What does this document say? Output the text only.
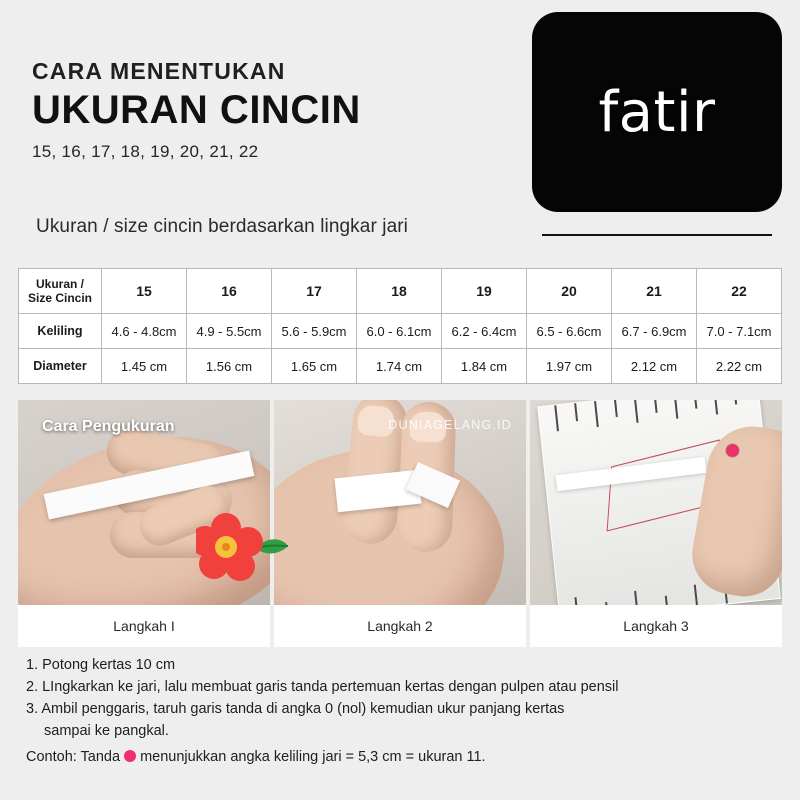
CARA MENENTUKAN
UKURAN CINCIN
15, 16, 17, 18, 19, 20, 21, 22
Ukuran / size cincin berdasarkan lingkar jari
fatir
Ukuran /
Size Cincin	15	16	17	18	19	20	21	22
Keliling	4.6 - 4.8cm	4.9 - 5.5cm	5.6 - 5.9cm	6.0 - 6.1cm	6.2 - 6.4cm	6.5 - 6.6cm	6.7 - 6.9cm	7.0 - 7.1cm
Diameter	1.45 cm	1.56 cm	1.65 cm	1.74 cm	1.84 cm	1.97 cm	2.12 cm	2.22 cm
Cara Pengukuran
Langkah I
DUNIAGELANG.ID
Langkah 2	Langkah 3
1. Potong kertas 10 cm
2. LIngkarkan ke jari, lalu membuat garis tanda pertemuan kertas dengan pulpen atau pensil
3. Ambil penggaris, taruh garis tanda di angka 0 (nol) kemudian ukur panjang kertas
sampai ke pangkal.
Contoh: Tanda menunjukkan angka keliling jari = 5,3 cm = ukuran 11.
